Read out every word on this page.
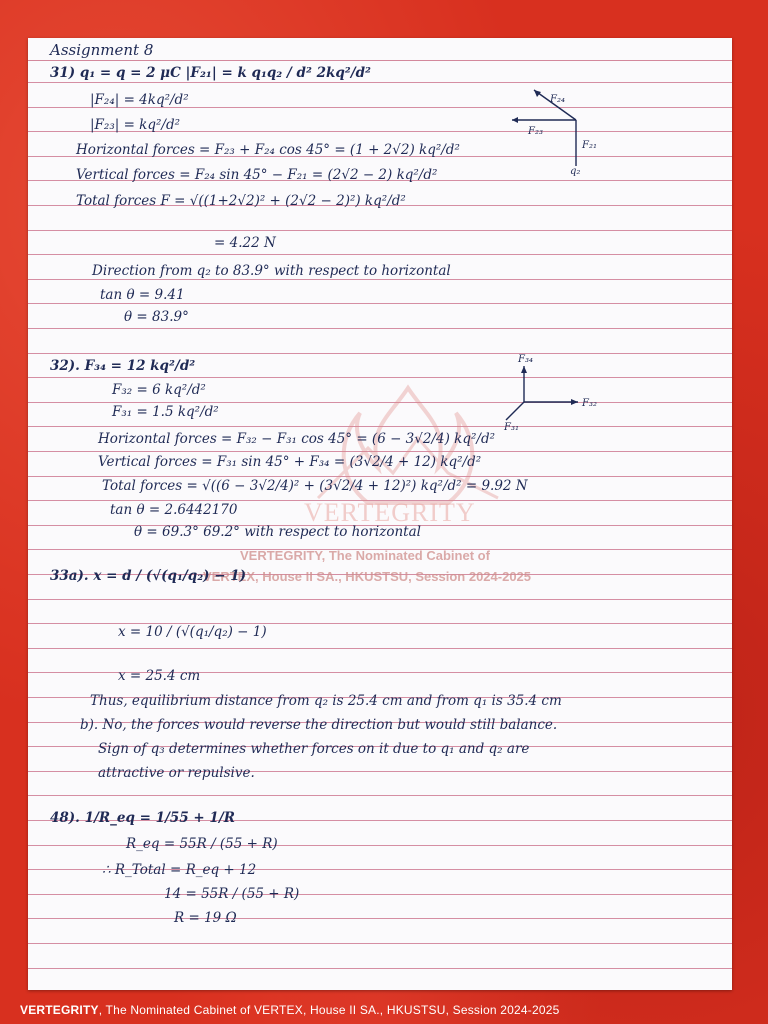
VERTEGRITY
VERTEGRITY, The Nominated Cabinet of
VERTEX, House II SA., HKUSTSU, Session 2024-2025
Assignment 8
31) q₁ = q = 2 μC |F₂₁| = k q₁q₂ / d² 2kq²/d²
|F₂₄| = 4kq²/d²
|F₂₃| = kq²/d²
Horizontal forces = F₂₃ + F₂₄ cos 45° = (1 + 2√2) kq²/d²
Vertical forces = F₂₄ sin 45° − F₂₁ = (2√2 − 2) kq²/d²
Total forces F = √((1+2√2)² + (2√2 − 2)²) kq²/d²
= 4.22 N
Direction from q₂ to 83.9° with respect to horizontal
tan θ = 9.41
θ = 83.9°
F₂₄
F₂₃
F₂₁
q₂
32). F₃₄ = 12 kq²/d²
F₃₂ = 6 kq²/d²
F₃₁ = 1.5 kq²/d²
Horizontal forces = F₃₂ − F₃₁ cos 45° = (6 − 3√2/4) kq²/d²
Vertical forces = F₃₁ sin 45° + F₃₄ = (3√2/4 + 12) kq²/d²
Total forces = √((6 − 3√2/4)² + (3√2/4 + 12)²) kq²/d² = 9.92 N
tan θ = 2.6442170
θ = 69.3° 69.2° with respect to horizontal
F₃₄
F₃₂
F₃₁
33a). x = d / (√(q₁/q₂) − 1)
x = 10 / (√(q₁/q₂) − 1)
x = 25.4 cm
Thus, equilibrium distance from q₂ is 25.4 cm and from q₁ is 35.4 cm
b). No, the forces would reverse the direction but would still balance.
Sign of q₃ determines whether forces on it due to q₁ and q₂ are
attractive or repulsive.
48). 1/R_eq = 1/55 + 1/R
R_eq = 55R / (55 + R)
∴ R_Total = R_eq + 12
14 = 55R / (55 + R)
R = 19 Ω
VERTEGRITY, The Nominated Cabinet of VERTEX, House II SA., HKUSTSU, Session 2024-2025
